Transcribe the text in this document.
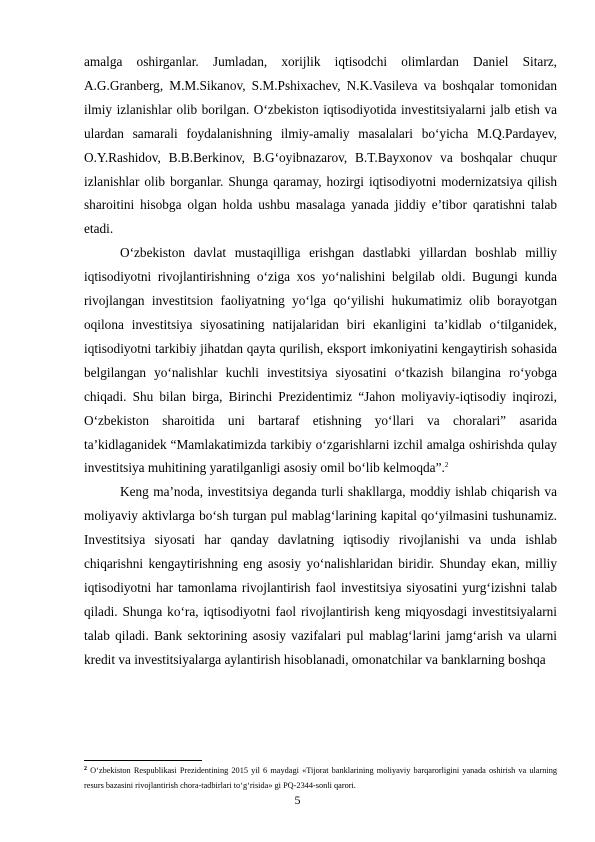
amalga oshirganlar. Jumladan, xorijlik iqtisodchi olimlardan Daniel Sitarz, A.G.Granberg, M.M.Sikanov, S.M.Pshixachev, N.K.Vasileva va boshqalar tomonidan ilmiy izlanishlar olib borilgan. O‘zbekiston iqtisodiyotida investitsiyalarni jalb etish va ulardan samarali foydalanishning ilmiy-amaliy masalalari bo‘yicha M.Q.Pardayev, O.Y.Rashidov, B.B.Berkinov, B.G‘oyibnazarov, B.T.Bayxonov va boshqalar chuqur izlanishlar olib borganlar. Shunga qaramay, hozirgi iqtisodiyotni modernizatsiya qilish sharoitini hisobga olgan holda ushbu masalaga yanada jiddiy e’tibor qaratishni talab etadi.

O‘zbekiston davlat mustaqilliga erishgan dastlabki yillardan boshlab milliy iqtisodiyotni rivojlantirishning o‘ziga xos yo‘nalishini belgilab oldi. Bugungi kunda rivojlangan investitsion faoliyatning yo‘lga qo‘yilishi hukumatimiz olib borayotgan oqilona investitsiya siyosatining natijalaridan biri ekanligini ta’kidlab o‘tilganidek, iqtisodiyotni tarkibiy jihatdan qayta qurilish, eksport imkoniyatini kengaytirish sohasida belgilangan yo‘nalishlar kuchli investitsiya siyosatini o‘tkazish bilangina ro‘yobga chiqadi. Shu bilan birga, Birinchi Prezidentimiz “Jahon moliyaviy-iqtisodiy inqirozi, O‘zbekiston sharoitida uni bartaraf etishning yo‘llari va choralari” asarida ta’kidlaganidek “Mamlakatimizda tarkibiy o‘zgarishlarni izchil amalga oshirishda qulay investitsiya muhitining yaratilganligi asosiy omil bo‘lib kelmoqda”.$^2$

Keng ma’noda, investitsiya deganda turli shakllarga, moddiy ishlab chiqarish va moliyaviy aktivlarga bo‘sh turgan pul mablag‘larining kapital qo‘yilmasini tushunamiz. Investitsiya siyosati har qanday davlatning iqtisodiy rivojlanishi va unda ishlab chiqarishni kengaytirishning eng asosiy yo‘nalishlaridan biridir. Shunday ekan, milliy iqtisodiyotni har tamonlama rivojlantirish faol investitsiya siyosatini yurg‘izishni talab qiladi. Shunga ko‘ra, iqtisodiyotni faol rivojlantirish keng miqyosdagi investitsiyalarni talab qiladi. Bank sektorining asosiy vazifalari pul mablag‘larini jamg‘arish va ularni kredit va investitsiyalarga aylantirish hisoblanadi, omonatchilar va banklarning boshqa

$^2$ O‘zbekiston Respublikasi Prezidentining 2015 yil 6 maydagi «Tijorat banklarining moliyaviy barqarorligini yanada oshirish va ularning resurs bazasini rivojlantirish chora-tadbirlari to‘g‘risida» gi PQ-2344-sonli qarori.
5
